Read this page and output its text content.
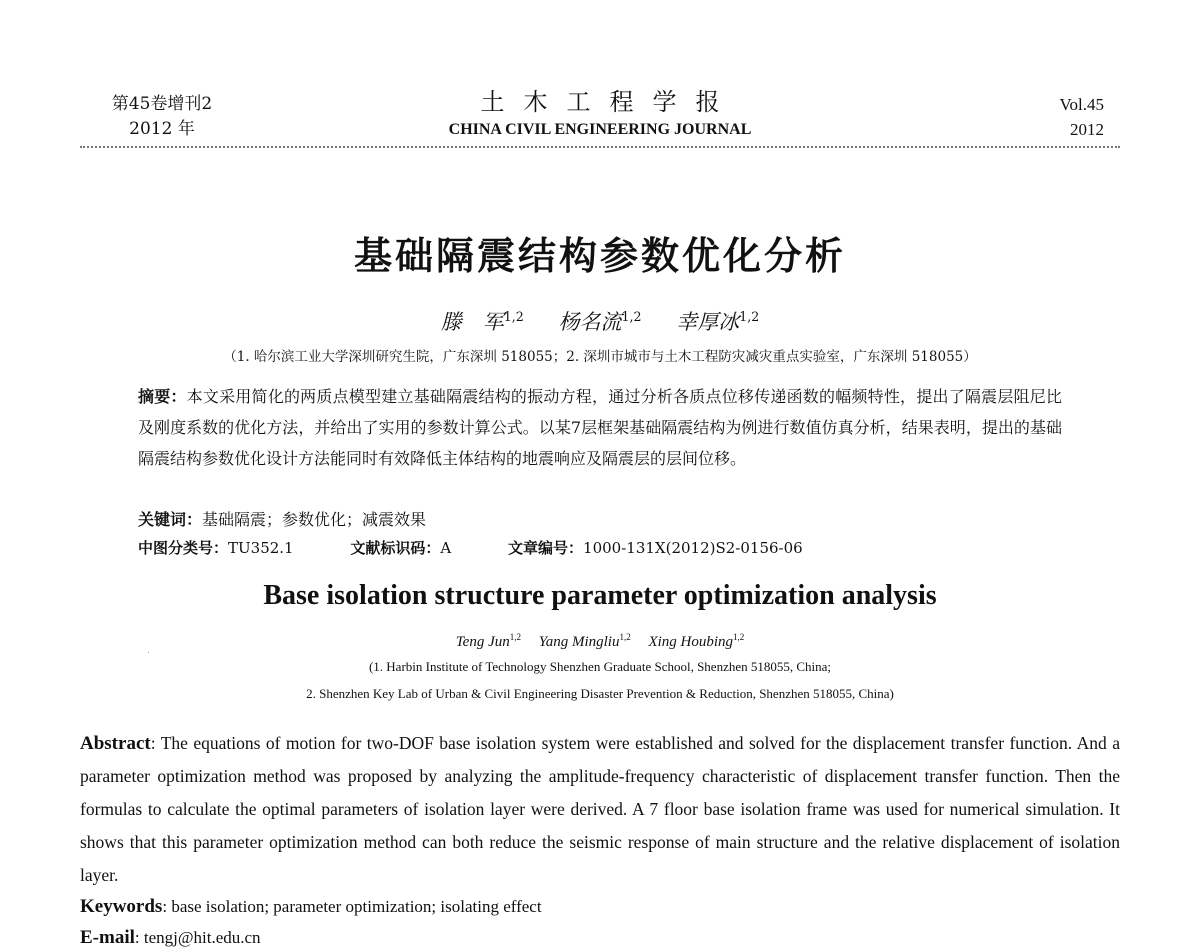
第45卷增刊2
2012 年
土木工程学报
CHINA CIVIL ENGINEERING JOURNAL
Vol.45
2012
基础隔震结构参数优化分析
滕　军$^{1,2}$ 杨名流$^{1,2}$ 幸厚冰$^{1,2}$
（1. 哈尔滨工业大学深圳研究生院，广东深圳 518055；2. 深圳市城市与土木工程防灾减灾重点实验室，广东深圳 518055）
摘要：本文采用简化的两质点模型建立基础隔震结构的振动方程，通过分析各质点位移传递函数的幅频特性，提出了隔震层阻尼比及刚度系数的优化方法，并给出了实用的参数计算公式。以某7层框架基础隔震结构为例进行数值仿真分析，结果表明，提出的基础隔震结构参数优化设计方法能同时有效降低主体结构的地震响应及隔震层的层间位移。
关键词：基础隔震；参数优化；减震效果
中图分类号：TU352.1	文献标识码：A	文章编号：1000-131X(2012)S2-0156-06
Base isolation structure parameter optimization analysis
Teng Jun$^{1,2}$ Yang Mingliu$^{1,2}$ Xing Houbing$^{1,2}$
(1. Harbin Institute of Technology Shenzhen Graduate School, Shenzhen 518055, China;
2. Shenzhen Key Lab of Urban & Civil Engineering Disaster Prevention & Reduction, Shenzhen 518055, China)
Abstract: The equations of motion for two-DOF base isolation system were established and solved for the displacement transfer function. And a parameter optimization method was proposed by analyzing the amplitude-frequency characteristic of displacement transfer function. Then the formulas to calculate the optimal parameters of isolation layer were derived. A 7 floor base isolation frame was used for numerical simulation. It shows that this parameter optimization method can both reduce the seismic response of main structure and the relative displacement of isolation layer.
Keywords: base isolation; parameter optimization; isolating effect
E-mail: tengj@hit.edu.cn
